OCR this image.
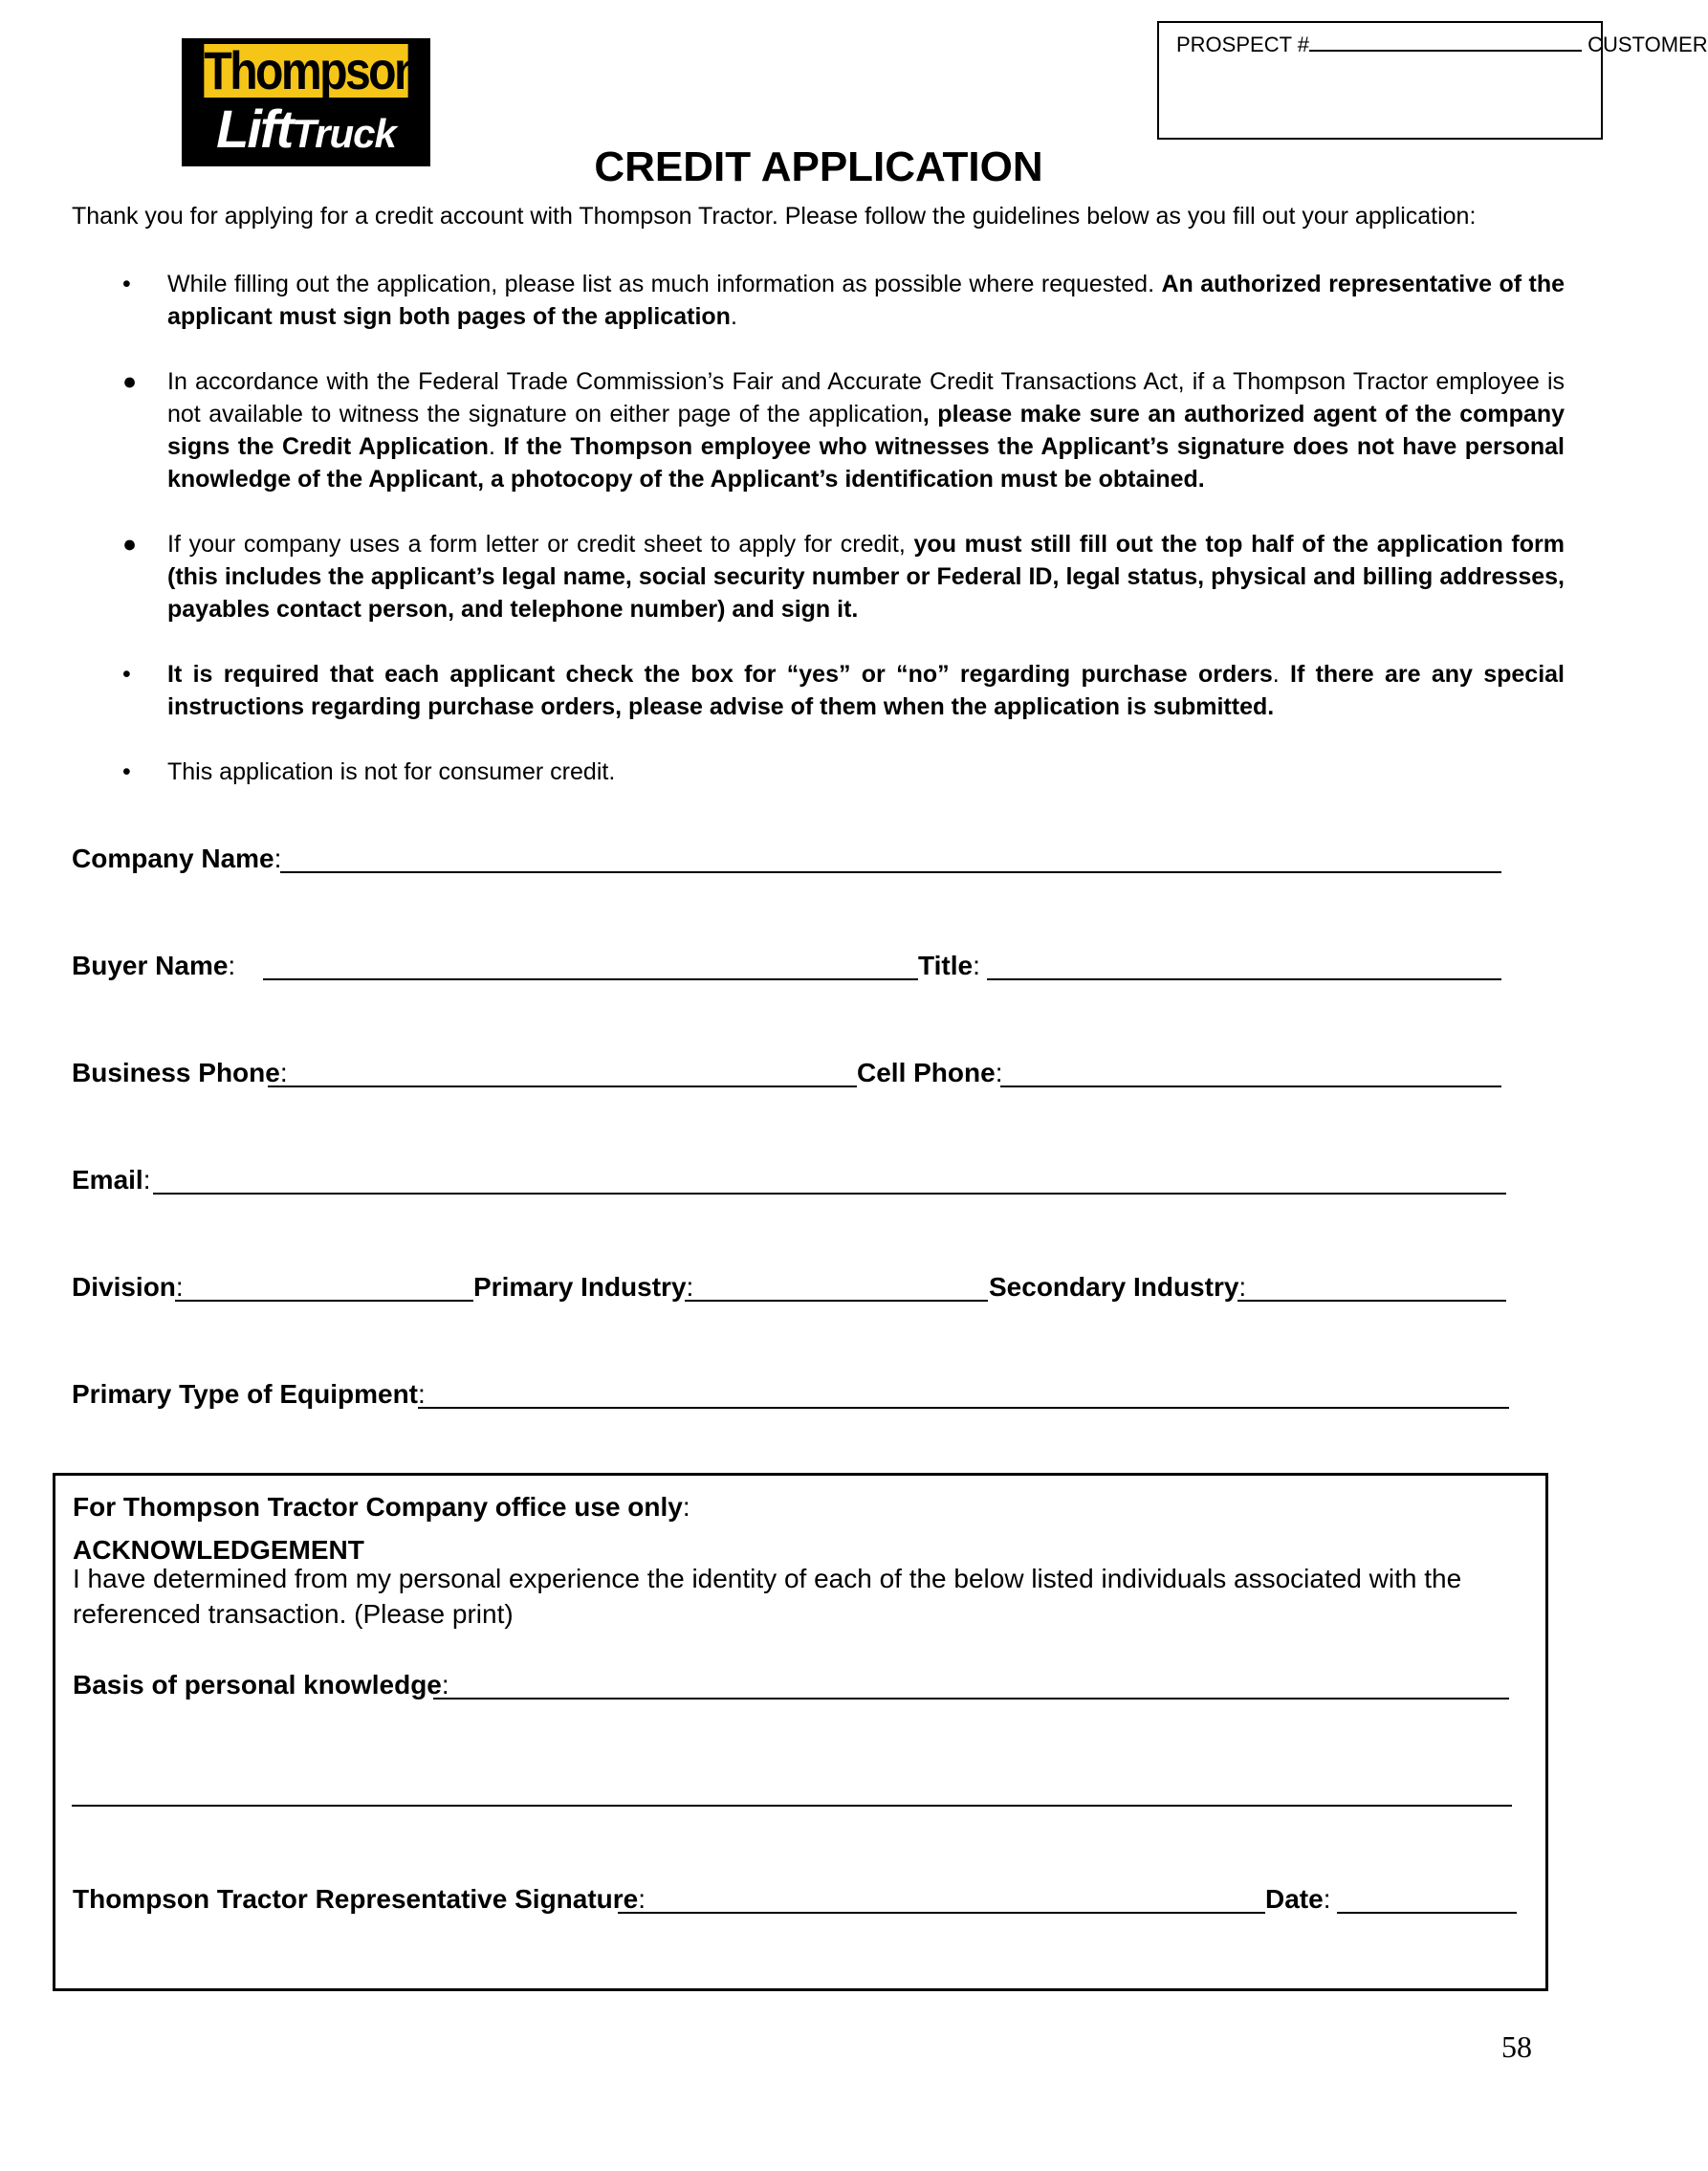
Thompson
LiftTruck
PROSPECT #	CUSTOMER
CREDIT APPLICATION
Thank you for applying for a credit account with Thompson Tractor. Please follow the guidelines below as you fill out your application:
• While filling out the application, please list as much information as possible where requested. An authorized representative of the applicant must sign both pages of the application.
● In accordance with the Federal Trade Commission’s Fair and Accurate Credit Transactions Act, if a Thompson Tractor employee is not available to witness the signature on either page of the application, please make sure an authorized agent of the company signs the Credit Application. If the Thompson employee who witnesses the Applicant’s signature does not have personal knowledge of the Applicant, a photocopy of the Applicant’s identification must be obtained.
● If your company uses a form letter or credit sheet to apply for credit, you must still fill out the top half of the application form (this includes the applicant’s legal name, social security number or Federal ID, legal status, physical and billing addresses, payables contact person, and telephone number) and sign it.
• It is required that each applicant check the box for “yes” or “no” regarding purchase orders. If there are any special instructions regarding purchase orders, please advise of them when the application is submitted.
• This application is not for consumer credit.
Company Name:
Buyer Name:	Title:
Business Phone:	Cell Phone:
Email:
Division:	Primary Industry:	Secondary Industry:
Primary Type of Equipment:
For Thompson Tractor Company office use only:
ACKNOWLEDGEMENT
I have determined from my personal experience the identity of each of the below listed individuals associated with the
referenced transaction. (Please print)
Basis of personal knowledge:
Thompson Tractor Representative Signature:	Date:
58
